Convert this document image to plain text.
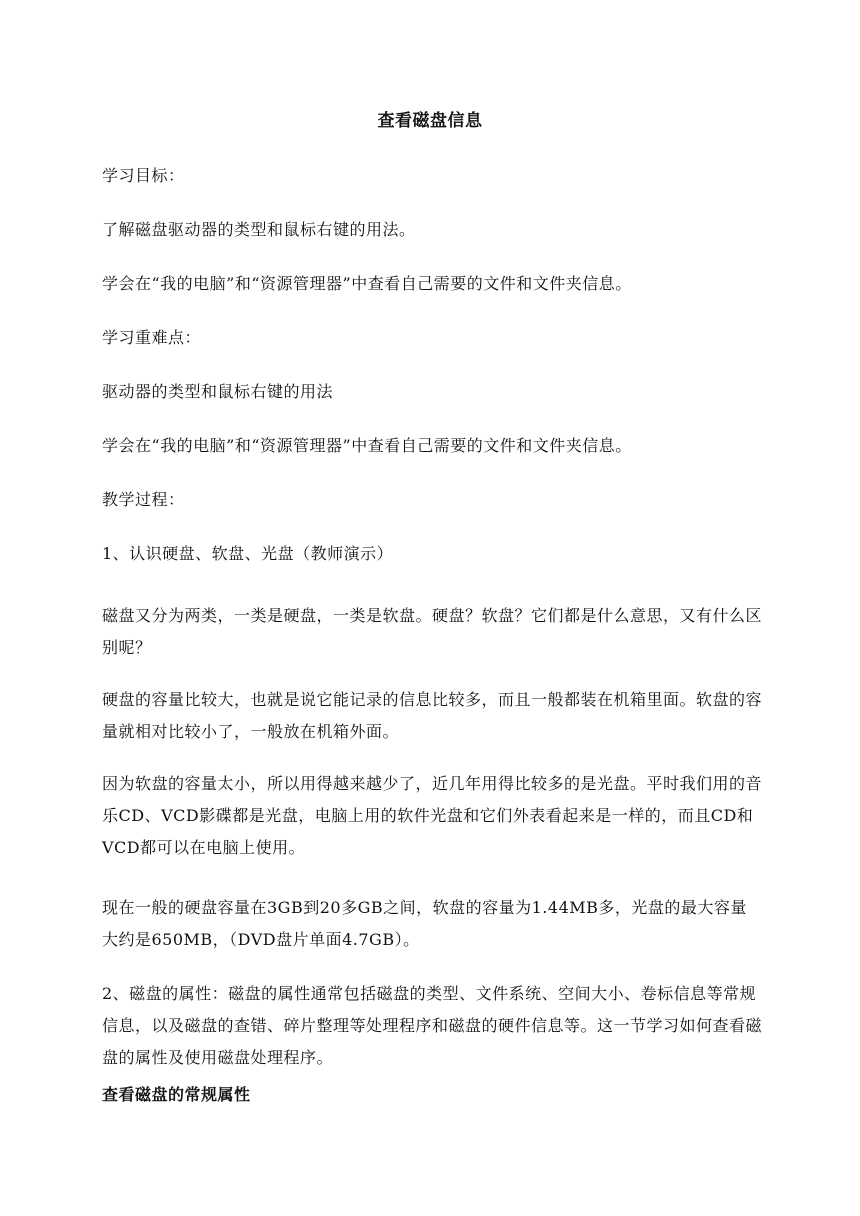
查看磁盘信息

学习目标：

了解磁盘驱动器的类型和鼠标右键的用法。

学会在“我的电脑”和“资源管理器”中查看自己需要的文件和文件夹信息。

学习重难点：

驱动器的类型和鼠标右键的用法

学会在“我的电脑”和“资源管理器”中查看自己需要的文件和文件夹信息。

教学过程：

1、认识硬盘、软盘、光盘（教师演示）

磁盘又分为两类，一类是硬盘，一类是软盘。硬盘？软盘？它们都是什么意思，又有什么区别呢？

硬盘的容量比较大，也就是说它能记录的信息比较多，而且一般都装在机箱里面。软盘的容量就相对比较小了，一般放在机箱外面。

因为软盘的容量太小，所以用得越来越少了，近几年用得比较多的是光盘。平时我们用的音乐CD、VCD影碟都是光盘，电脑上用的软件光盘和它们外表看起来是一样的，而且CD和VCD都可以在电脑上使用。

现在一般的硬盘容量在3GB到20多GB之间，软盘的容量为1.44MB多，光盘的最大容量大约是650MB，（DVD盘片单面4.7GB）。

2、磁盘的属性：磁盘的属性通常包括磁盘的类型、文件系统、空间大小、卷标信息等常规信息，以及磁盘的查错、碎片整理等处理程序和磁盘的硬件信息等。这一节学习如何查看磁盘的属性及使用磁盘处理程序。

查看磁盘的常规属性
